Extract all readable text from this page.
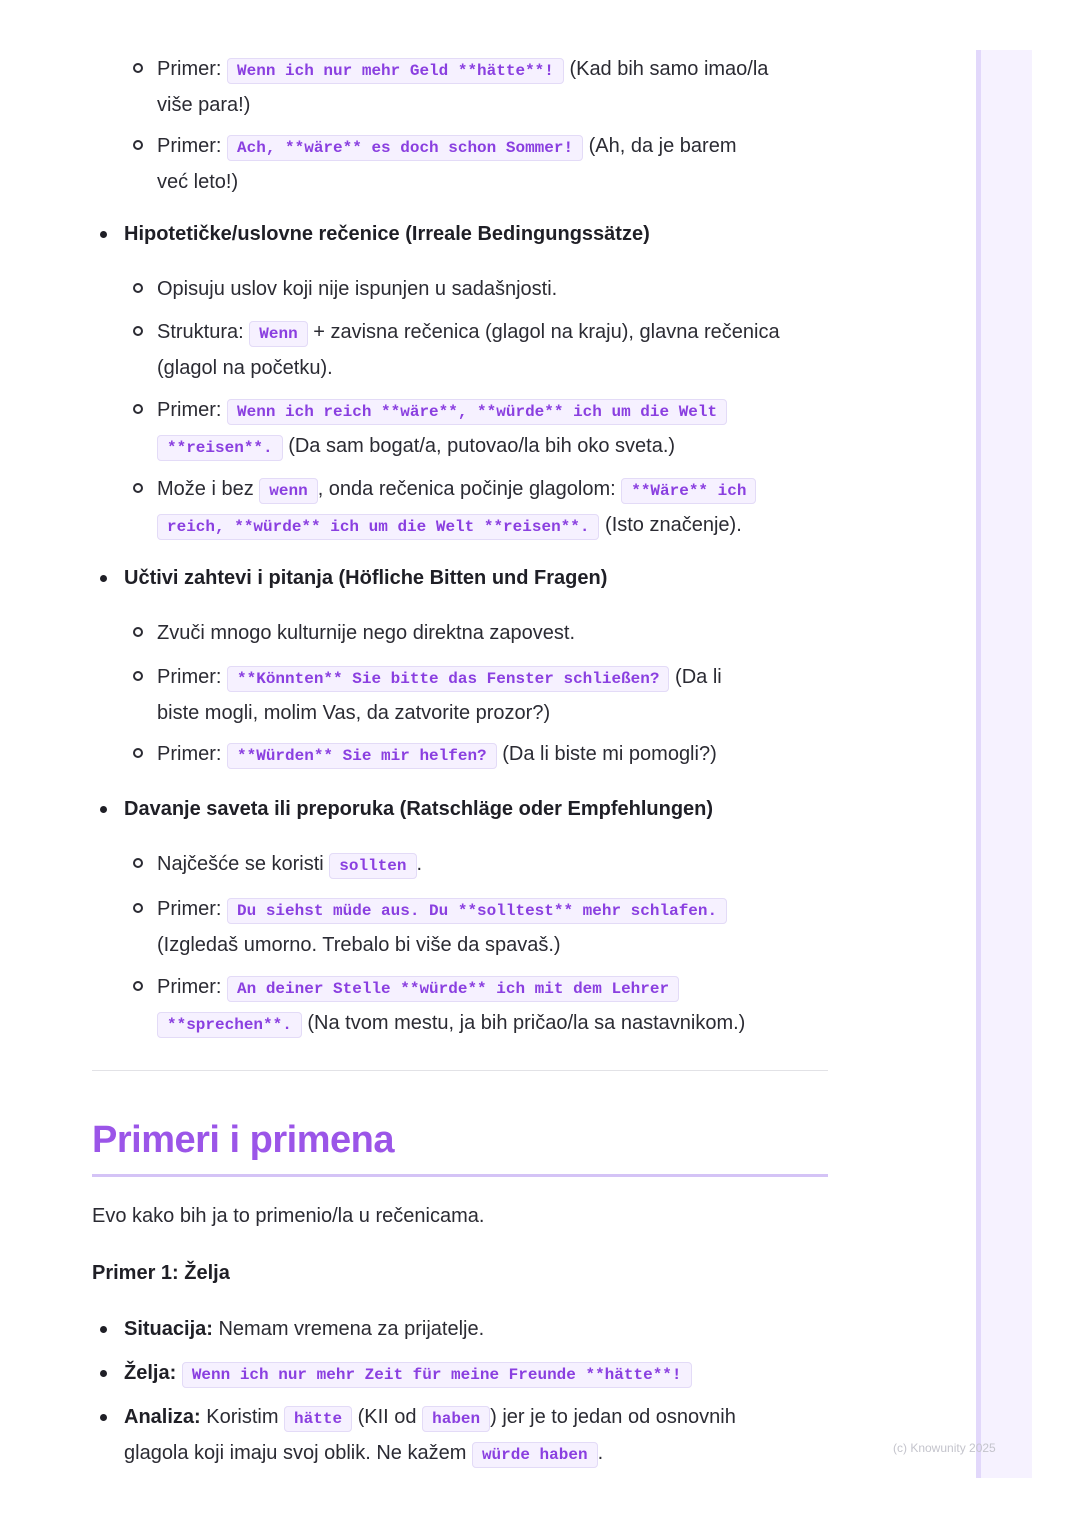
Primer: Wenn ich nur mehr Geld **hätte**! (Kad bih samo imao/la
više para!)
Primer: Ach, **wäre** es doch schon Sommer! (Ah, da je barem
već leto!)
Hipotetičke/uslovne rečenice (Irreale Bedingungssätze)
Opisuju uslov koji nije ispunjen u sadašnjosti.
Struktura: Wenn + zavisna rečenica (glagol na kraju), glavna rečenica
(glagol na početku).
Primer: Wenn ich reich **wäre**, **würde** ich um die Welt
**reisen**. (Da sam bogat/a, putovao/la bih oko sveta.)
Može i bez wenn , onda rečenica počinje glagolom: **Wäre** ich
reich, **würde** ich um die Welt **reisen**. (Isto značenje).
Učtivi zahtevi i pitanja (Höfliche Bitten und Fragen)
Zvuči mnogo kulturnije nego direktna zapovest.
Primer: **Könnten** Sie bitte das Fenster schließen? (Da li
biste mogli, molim Vas, da zatvorite prozor?)
Primer: **Würden** Sie mir helfen? (Da li biste mi pomogli?)
Davanje saveta ili preporuka (Ratschläge oder Empfehlungen)
Najčešće se koristi sollten .
Primer: Du siehst müde aus. Du **solltest** mehr schlafen.
(Izgledaš umorno. Trebalo bi više da spavaš.)
Primer: An deiner Stelle **würde** ich mit dem Lehrer
**sprechen**. (Na tvom mestu, ja bih pričao/la sa nastavnikom.)
Primeri i primena
Evo kako bih ja to primenio/la u rečenicama.
Primer 1: Želja
Situacija: Nemam vremena za prijatelje.
Želja: Wenn ich nur mehr Zeit für meine Freunde **hätte**!
Analiza: Koristim hätte (KII od haben ) jer je to jedan od osnovnih
glagola koji imaju svoj oblik. Ne kažem würde haben .	(c) Knowunity 2025
